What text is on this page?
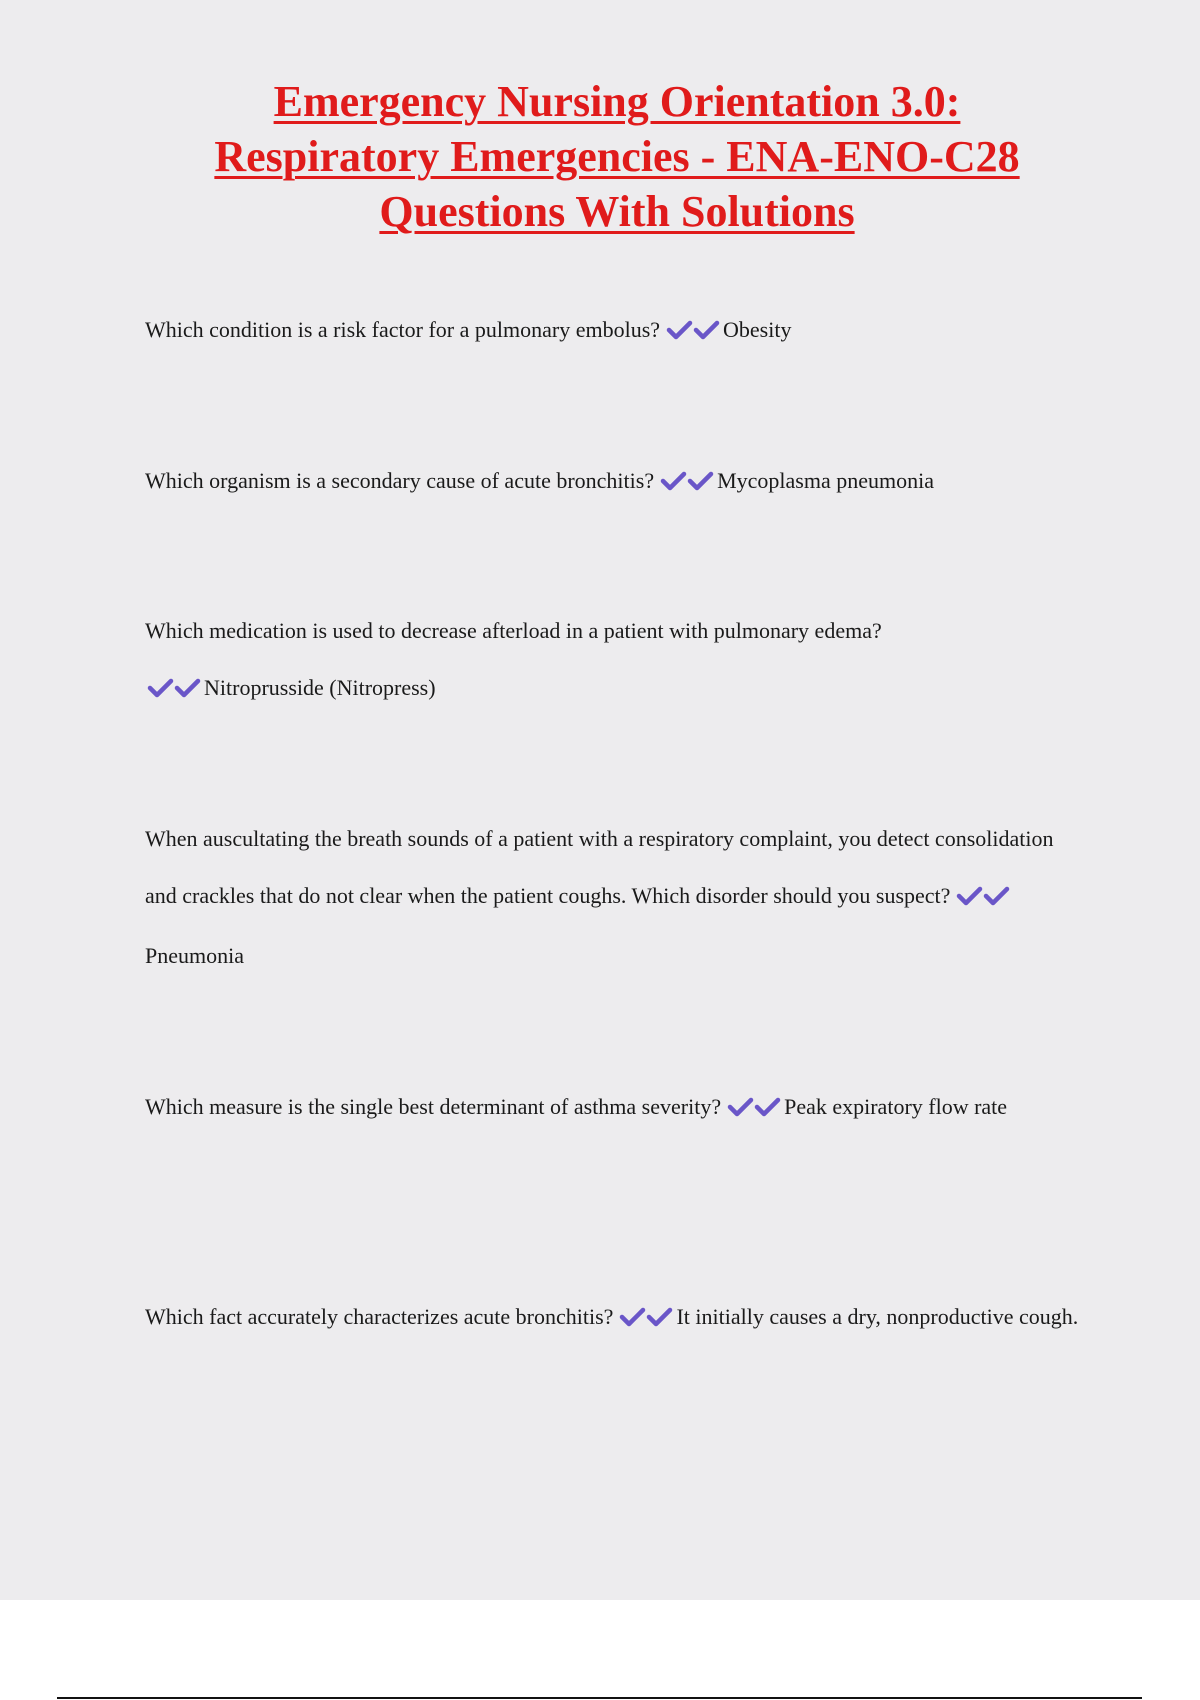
Emergency Nursing Orientation 3.0:
Respiratory Emergencies - ENA-ENO-C28
Questions With Solutions

Which condition is a risk factor for a pulmonary embolus?	Obesity

Which organism is a secondary cause of acute bronchitis?	Mycoplasma pneumonia

Which medication is used to decrease afterload in a patient with pulmonary edema?

Nitroprusside (Nitropress)

When auscultating the breath sounds of a patient with a respiratory complaint, you detect consolidation and crackles that do not clear when the patient coughs. Which disorder should you suspect?
Pneumonia

Which measure is the single best determinant of asthma severity?	Peak expiratory flow rate

Which fact accurately characterizes acute bronchitis?	It initially causes a dry, nonproductive cough.
